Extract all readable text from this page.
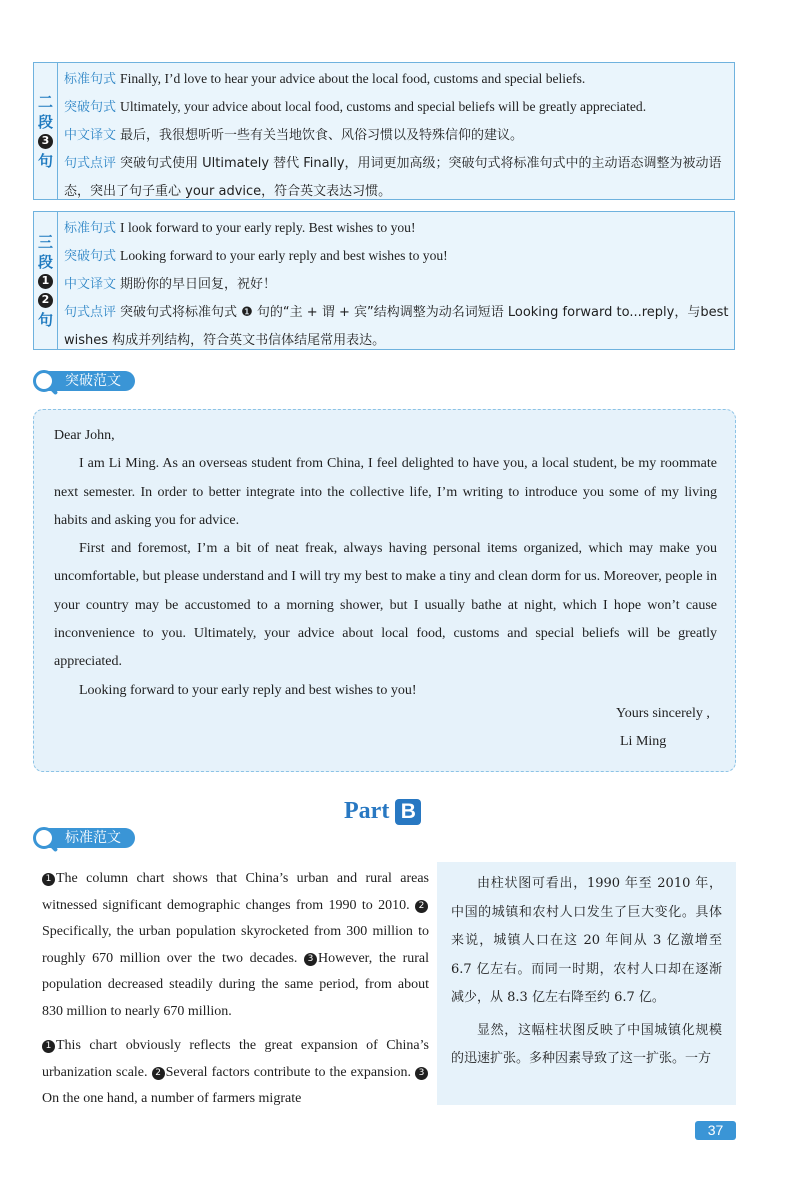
二
段
3
句
标准句式 Finally, I’d love to hear your advice about the local food, customs and special beliefs.
突破句式 Ultimately, your advice about local food, customs and special beliefs will be greatly appreciated.
中文译文 最后，我很想听听一些有关当地饮食、风俗习惯以及特殊信仰的建议。
句式点评 突破句式使用 Ultimately 替代 Finally，用词更加高级；突破句式将标准句式中的主动语态调整为被动语态，突出了句子重心 your advice，符合英文表达习惯。
三
段
1
2
句
标准句式 I look forward to your early reply. Best wishes to you!
突破句式 Looking forward to your early reply and best wishes to you!
中文译文 期盼你的早日回复，祝好！
句式点评 突破句式将标准句式 ❶ 句的“主 + 谓 + 宾”结构调整为动名词短语 Looking forward to...reply，与best wishes 构成并列结构，符合英文书信体结尾常用表达。
突破范文

Dear John,

I am Li Ming. As an overseas student from China, I feel delighted to have you, a local student, be my roommate next semester. In order to better integrate into the collective life, I’m writing to introduce you some of my living habits and asking you for advice.

First and foremost, I’m a bit of neat freak, always having personal items organized, which may make you uncomfortable, but please understand and I will try my best to make a tiny and clean dorm for us. Moreover, people in your country may be accustomed to a morning shower, but I usually bathe at night, which I hope won’t cause inconvenience to you. Ultimately, your advice about local food, customs and special beliefs will be greatly appreciated.

Looking forward to your early reply and best wishes to you!

Yours sincerely ,

Li Ming

Part B
标准范文

1 The column chart shows that China’s urban and rural areas witnessed significant demographic changes from 1990 to 2010. 2Specifically, the urban population skyrocketed from 300 million to roughly 670 million over the two decades. 3 However, the rural population decreased steadily during the same period, from about 830 million to nearly 670 million.

1 This chart obviously reflects the great expansion of China’s urbanization scale. 2 Several factors contribute to the expansion. 3On the one hand, a number of farmers migrate

由柱状图可看出，1990 年至 2010 年，中国的城镇和农村人口发生了巨大变化。具体来说，城镇人口在这 20 年间从 3 亿激增至 6.7 亿左右。而同一时期，农村人口却在逐渐减少，从 8.3 亿左右降至约 6.7 亿。

显然，这幅柱状图反映了中国城镇化规模的迅速扩张。多种因素导致了这一扩张。一方

37
